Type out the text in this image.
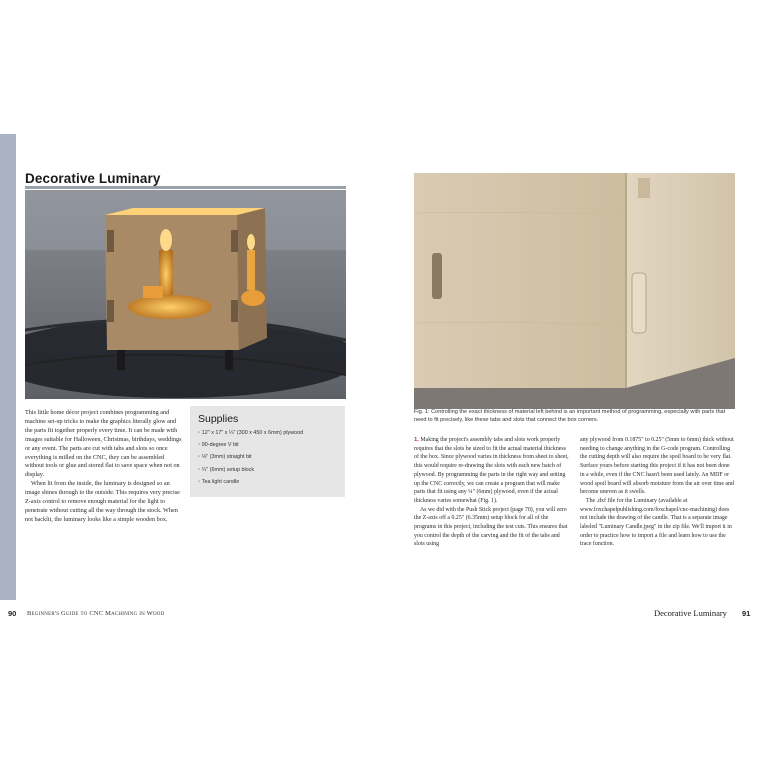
Decorative Luminary

This little home décor project combines programming and machine set-up tricks to make the graphics literally glow and the parts fit together properly every time. It can be made with images suitable for Halloween, Christmas, birthdays, weddings or any event. The parts are cut with tabs and slots so once everything is milled on the CNC, they can be assembled without tools or glue and stored flat to save space when not on display.

When lit from the inside, the luminary is designed so an image shines through to the outside. This requires very precise Z-axis control to remove enough material for the light to penetrate without cutting all the way through the stock. When not backlit, the luminary looks like a simple wooden box.

Supplies
◦ 12" x 17" x ¼" (300 x 450 x 6mm) plywood
◦ 90-degree V bit
◦ ⅛" (3mm) straight bit
◦ ¼" (6mm) setup block
◦ Tea light candle
90 Beginner's Guide to CNC Machining in Wood

Fig. 1: Controlling the exact thickness of material left behind is an important method of programming, especially with parts that need to fit precisely, like these tabs and slots that connect the box corners.

1. Making the project's assembly tabs and slots work properly requires that the slots be sized to fit the actual material thickness of the box. Since plywood varies in thickness from sheet to sheet, this would require re-drawing the slots with each new batch of plywood. By programming the parts in the right way and setting up the CNC correctly, we can create a program that will make parts that fit using any ¼" (6mm) plywood, even if the actual thickness varies somewhat (Fig. 1).

As we did with the Push Stick project (page 70), you will zero the Z-axis off a 0.25" (6.35mm) setup block for all of the programs in this project, including the test cuts. This ensures that you control the depth of the carving and the fit of the tabs and slots using

any plywood from 0.1875" to 0.25" (5mm to 6mm) thick without needing to change anything in the G-code program. Controlling the cutting depth will also require the spoil board to be very flat. Surface yours before starting this project if it has not been done in a while, even if the CNC hasn't been used lately. An MDF or wood spoil board will absorb moisture from the air over time and become uneven as it swells.

The .dxf file for the Luminary (available at www.foxchapelpublishing.com/foxchapel/cnc-machining) does not include the drawing of the candle. That is a separate image labeled "Luminary Candle.jpeg" in the zip file. We'll import it in order to practice how to import a file and learn how to use the trace function.

Decorative Luminary 91
